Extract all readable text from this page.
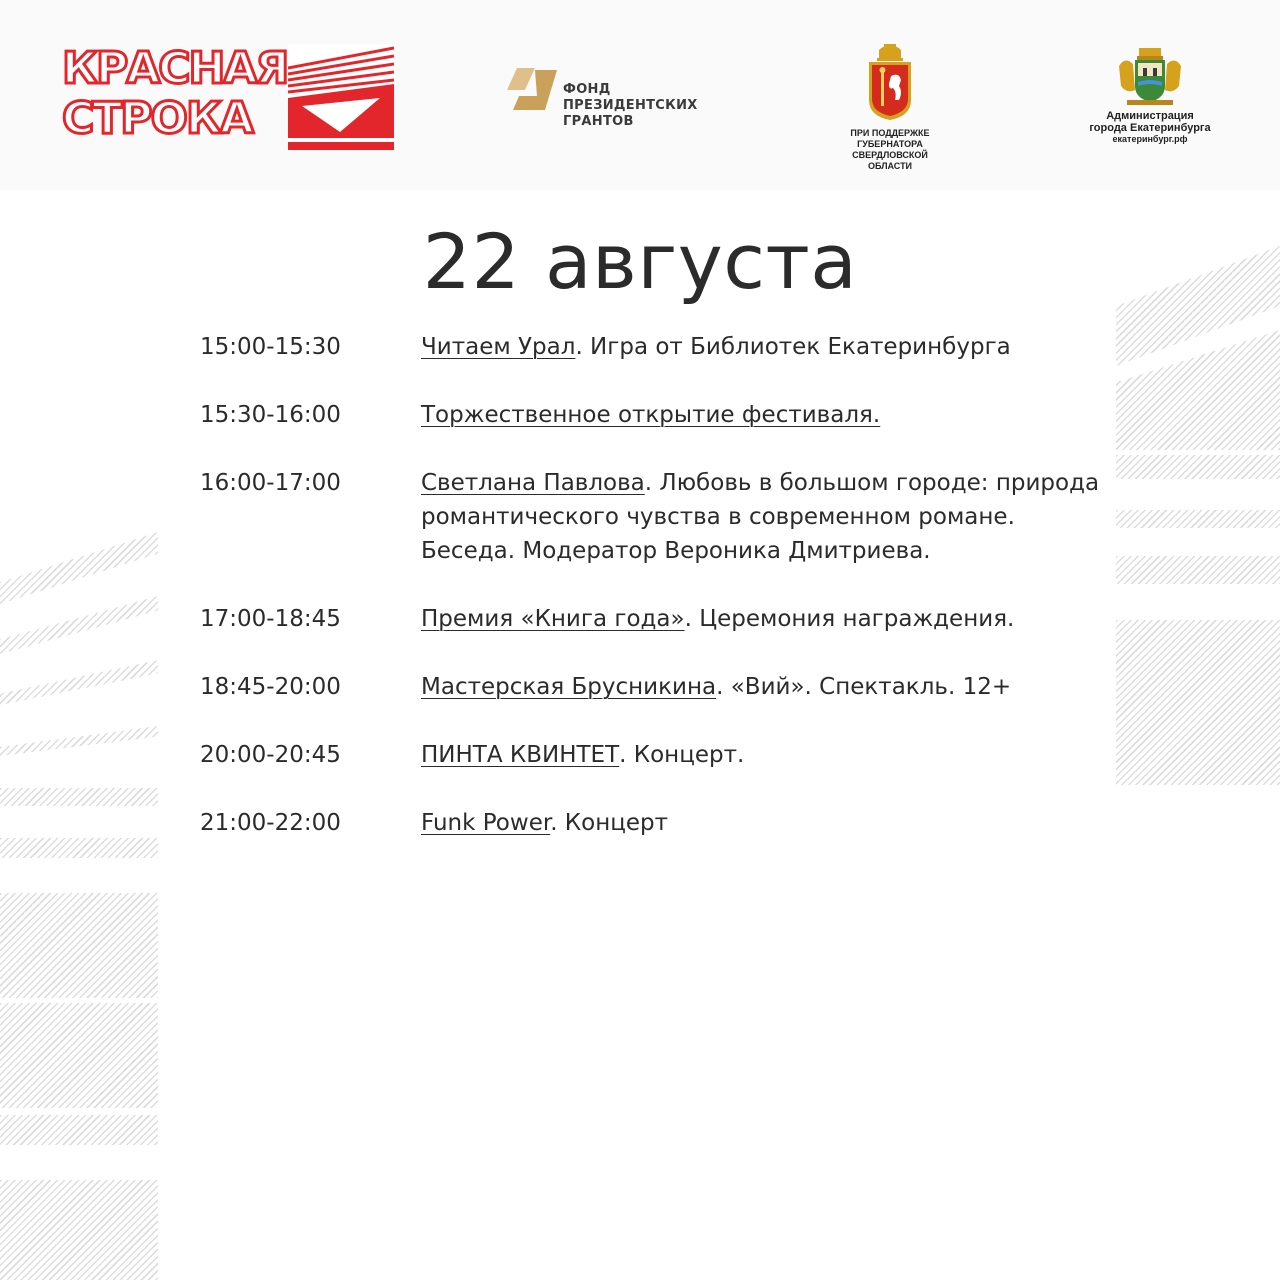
КРАСНАЯ
СТРОКА
ФОНД
ПРЕЗИДЕНТСКИХ
ГРАНТОВ
ПРИ ПОДДЕРЖКЕ ГУБЕРНАТОРА
СВЕРДЛОВСКОЙ ОБЛАСТИ
Администрация
города Екатеринбурга
екатеринбург.рф
22 августа
15:00-15:30	Читаем Урал. Игра от Библиотек Екатеринбурга
15:30-16:00	Торжественное открытие фестиваля.
16:00-17:00	Светлана Павлова. Любовь в большом городе: природа романтического чувства в современном романе. Беседа. Модератор Вероника Дмитриева.
17:00-18:45	Премия «Книга года». Церемония награждения.
18:45-20:00	Мастерская Брусникина. «Вий». Спектакль. 12+
20:00-20:45	ПИНТА КВИНТЕТ. Концерт.
21:00-22:00	Funk Power. Концерт
